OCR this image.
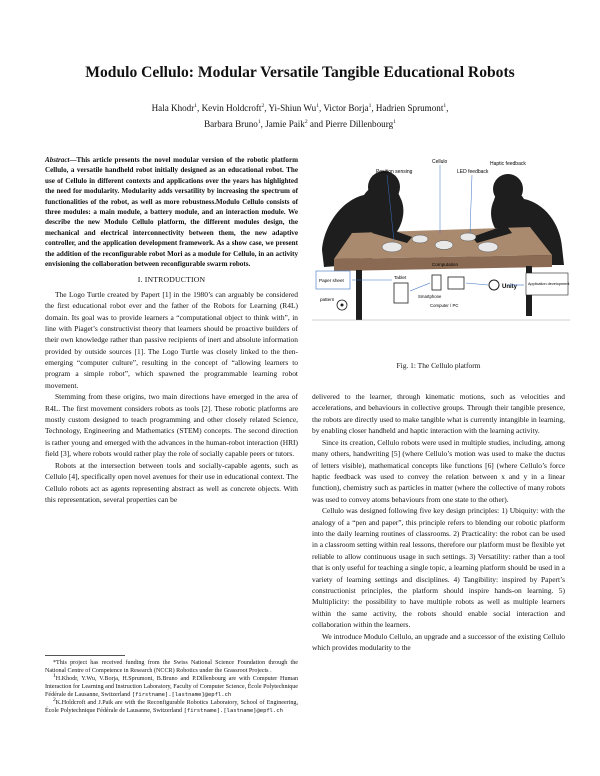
Modulo Cellulo: Modular Versatile Tangible Educational Robots
Hala Khodr$^1$, Kevin Holdcroft$^2$, Yi-Shiun Wu$^1$, Victor Borja$^1$, Hadrien Sprumont$^1$,
Barbara Bruno$^1$, Jamie Paik$^2$ and Pierre Dillenbourg$^1$
Abstract—This article presents the novel modular version of the robotic platform Cellulo, a versatile handheld robot initially designed as an educational robot. The use of Cellulo in different contexts and applications over the years has highlighted the need for modularity. Modularity adds versatility by increasing the spectrum of functionalities of the robot, as well as more robustness.Modulo Cellulo consists of three modules: a main module, a battery module, and an interaction module. We describe the new Modulo Cellulo platform, the different modules design, the mechanical and electrical interconnectivity between them, the new adaptive controller, and the application development framework. As a show case, we present the addition of the reconfigurable robot Mori as a module for Cellulo, in an activity envisioning the collaboration between reconfigurable swarm robots.
I. INTRODUCTION

The Logo Turtle created by Papert [1] in the 1980’s can arguably be considered the first educational robot ever and the father of the Robots for Learning (R4L) domain. Its goal was to provide learners a “computational object to think with”, in line with Piaget’s constructivist theory that learners should be proactive builders of their own knowledge rather than passive recipients of inert and absolute information provided by outside sources [1]. The Logo Turtle was closely linked to the then-emerging “computer culture”, resulting in the concept of “allowing learners to program a simple robot”, which spawned the programmable learning robot movement.

Stemming from these origins, two main directions have emerged in the area of R4L. The first movement considers robots as tools [2]. These robotic platforms are mostly custom designed to teach programming and other closely related Science, Technology, Engineering and Mathematics (STEM) concepts. The second direction is rather young and emerged with the advances in the human-robot interaction (HRI) field [3], where robots would rather play the role of socially capable peers or tutors.

Robots at the intersection between tools and socially-capable agents, such as Cellulo [4], specifically open novel avenues for their use in educational context. The Cellulo robots act as agents representing abstract as well as concrete objects. With this representation, several properties can be

*This project has received funding from the Swiss National Science Foundation through the National Centre of Competence in Research (NCCR) Robotics under the Grassroot Projects .

1H.Khodr, Y.Wu, V.Borja, H.Sprumont, B.Bruno and P.Dillenbourg are with Computer Human Interaction for Learning and Instruction Laboratory, Faculty of Computer Science, École Polytechnique Fédérale de Lausanne, Switzerland [firstname].[lastname]@epfl.ch

2K.Holdcroft and J.Paik are with the Reconfigurable Robotics Laboratory, School of Engineering, École Polytechnique Fédérale de Lausanne, Switzerland [firstname].[lastname]@epfl.ch

Position sensing
Cellulo
LED feedback
Haptic feedback
Paper sheet
pattern
Tablet
Smartphone
Computer / PC
Computation
Unity	Application development
Fig. 1: The Cellulo platform

delivered to the learner, through kinematic motions, such as velocities and accelerations, and behaviours in collective groups. Through their tangible presence, the robots are directly used to make tangible what is currently intangible in learning, by enabling closer handheld and haptic interaction with the learning activity.

Since its creation, Cellulo robots were used in multiple studies, including, among many others, handwriting [5] (where Cellulo’s motion was used to make the ductus of letters visible), mathematical concepts like functions [6] (where Cellulo’s force haptic feedback was used to convey the relation between x and y in a linear function), chemistry such as particles in matter (where the collective of many robots was used to convey atoms behaviours from one state to the other).

Cellulo was designed following five key design principles: 1) Ubiquity: with the analogy of a “pen and paper”, this principle refers to blending our robotic platform into the daily learning routines of classrooms. 2) Practicality: the robot can be used in a classroom setting within real lessons, therefore our platform must be flexible yet reliable to allow continuous usage in such settings. 3) Versatility: rather than a tool that is only useful for teaching a single topic, a learning platform should be used in a variety of learning settings and disciplines. 4) Tangibility: inspired by Papert’s constructionist principles, the platform should inspire hands-on learning. 5) Multiplicity: the possibility to have multiple robots as well as multiple learners within the same activity, the robots should enable social interaction and collaboration within the learners.

We introduce Modulo Cellulo, an upgrade and a successor of the existing Cellulo which provides modularity to the
